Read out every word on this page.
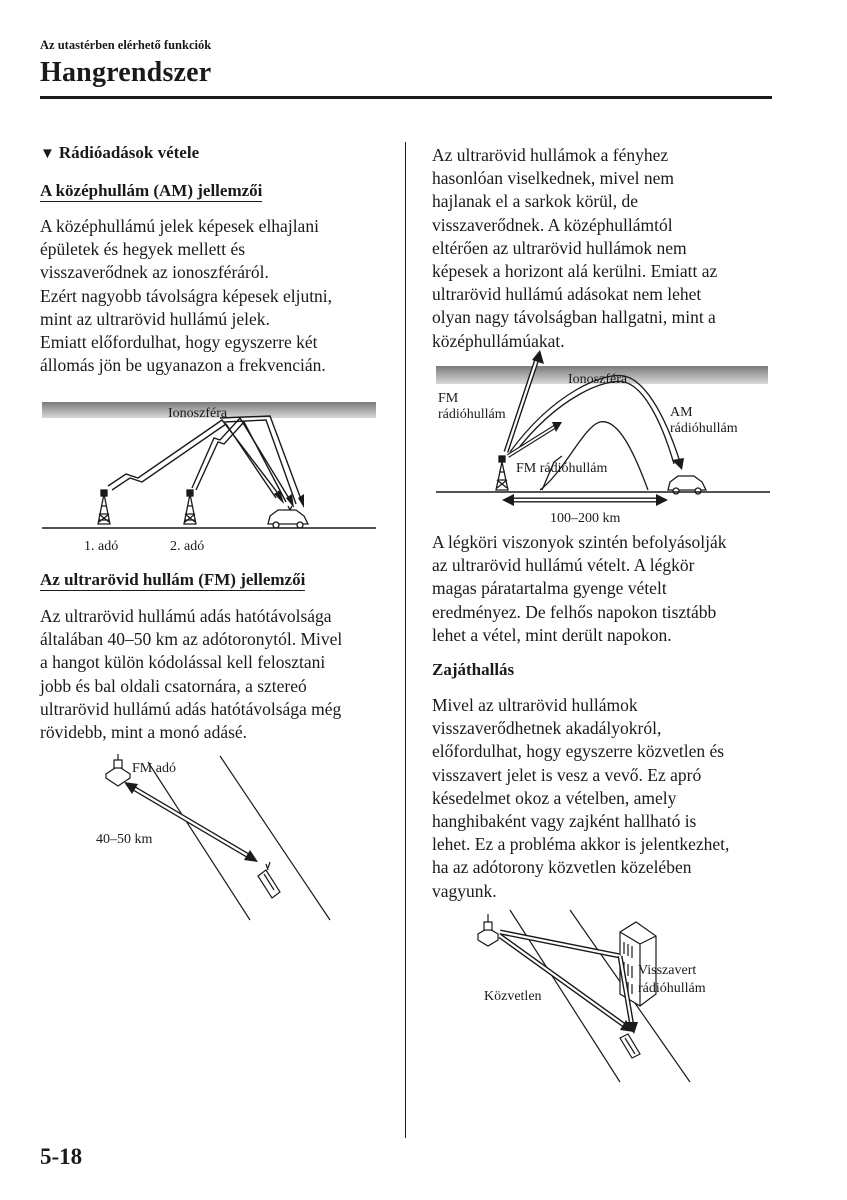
Az utastérben elérhető funkciók
Hangrendszer
▼ Rádióadások vétele
A középhullám (AM) jellemzői

A középhullámú jelek képesek elhajlani
épületek és hegyek mellett és
visszaverődnek az ionoszféráról.
Ezért nagyobb távolságra képesek eljutni,
mint az ultrarövid hullámú jelek.
Emiatt előfordulhat, hogy egyszerre két
állomás jön be ugyanazon a frekvencián.

Ionoszféra
1. adó	2. adó
Az ultrarövid hullám (FM) jellemzői

Az ultrarövid hullámú adás hatótávolsága
általában 40–50 km az adótoronytól. Mivel
a hangot külön kódolással kell felosztani
jobb és bal oldali csatornára, a sztereó
ultrarövid hullámú adás hatótávolsága még
rövidebb, mint a monó adásé.

FM adó
40–50 km

Az ultrarövid hullámok a fényhez
hasonlóan viselkednek, mivel nem
hajlanak el a sarkok körül, de
visszaverődnek. A középhullámtól
eltérően az ultrarövid hullámok nem
képesek a horizont alá kerülni. Emiatt az
ultrarövid hullámú adásokat nem lehet
olyan nagy távolságban hallgatni, mint a
középhullámúakat.

Ionoszféra
FM
rádióhullám	AM
rádióhullám
FM rádióhullám
100–200 km

A légköri viszonyok szintén befolyásolják
az ultrarövid hullámú vételt. A légkör
magas páratartalma gyenge vételt
eredményez. De felhős napokon tisztább
lehet a vétel, mint derült napokon.

Zajáthallás

Mivel az ultrarövid hullámok
visszaverődhetnek akadályokról,
előfordulhat, hogy egyszerre közvetlen és
visszavert jelet is vesz a vevő. Ez apró
késedelmet okoz a vételben, amely
hanghibaként vagy zajként hallható is
lehet. Ez a probléma akkor is jelentkezhet,
ha az adótorony közvetlen közelében
vagyunk.

Visszavert
rádióhullám
Közvetlen
5-18
